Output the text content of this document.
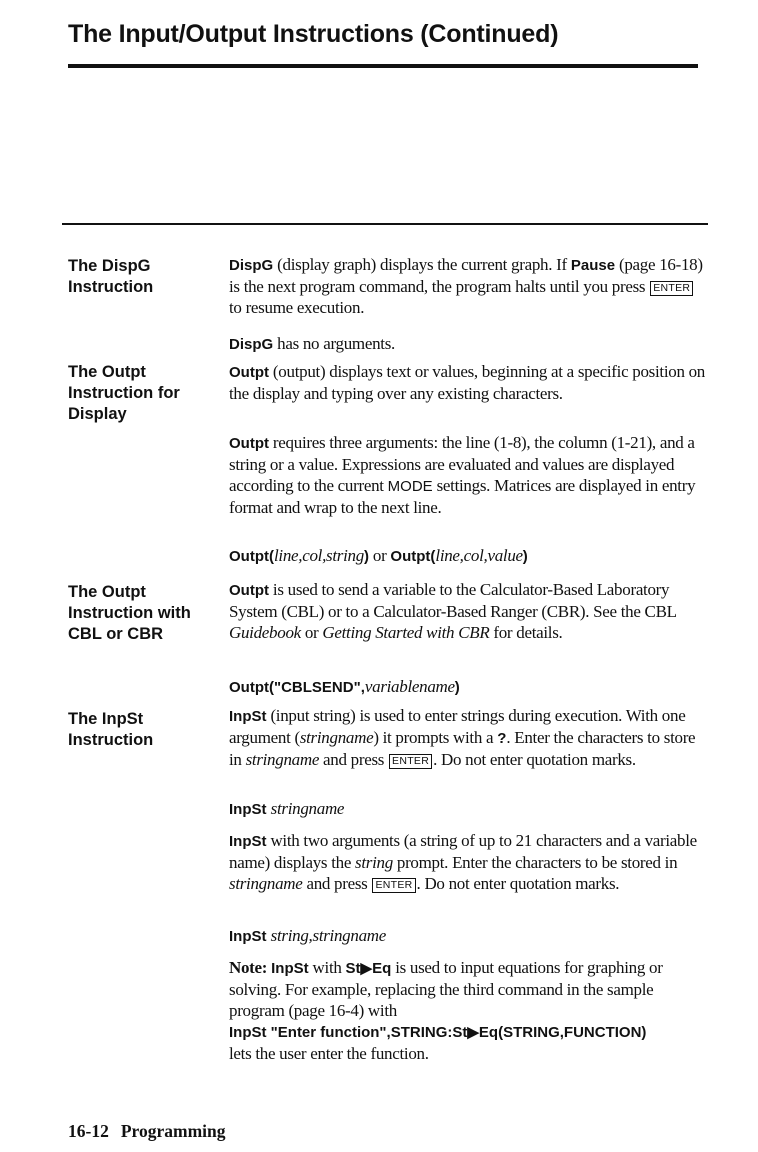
The Input/Output Instructions (Continued)
The DispG
Instruction
DispG (display graph) displays the current graph. If Pause (page 16-18) is the next program command, the program halts until you press ENTER to resume execution.
DispG has no arguments.
The Outpt
Instruction for
Display
Outpt (output) displays text or values, beginning at a specific position on the display and typing over any existing characters.
Outpt requires three arguments: the line (1-8), the column (1-21), and a string or a value. Expressions are evaluated and values are displayed according to the current MODE settings. Matrices are displayed in entry format and wrap to the next line.
Outpt(line,col,string) or Outpt(line,col,value)
The Outpt
Instruction with
CBL or CBR
Outpt is used to send a variable to the Calculator-Based Laboratory System (CBL) or to a Calculator-Based Ranger (CBR). See the CBL Guidebook or Getting Started with CBR for details.
Outpt("CBLSEND",variablename)
The InpSt
Instruction
InpSt (input string) is used to enter strings during execution. With one argument (stringname) it prompts with a ?. Enter the characters to store in stringname and press ENTER . Do not enter quotation marks.
InpSt stringname
InpSt with two arguments (a string of up to 21 characters and a variable name) displays the string prompt. Enter the characters to be stored in stringname and press ENTER . Do not enter quotation marks.
InpSt string,stringname
Note: InpSt with St▶Eq is used to input equations for graphing or solving. For example, replacing the third command in the sample program (page 16-4) with
InpSt "Enter function",STRING:St▶Eq(STRING,FUNCTION)
lets the user enter the function.
16-12 Programming
